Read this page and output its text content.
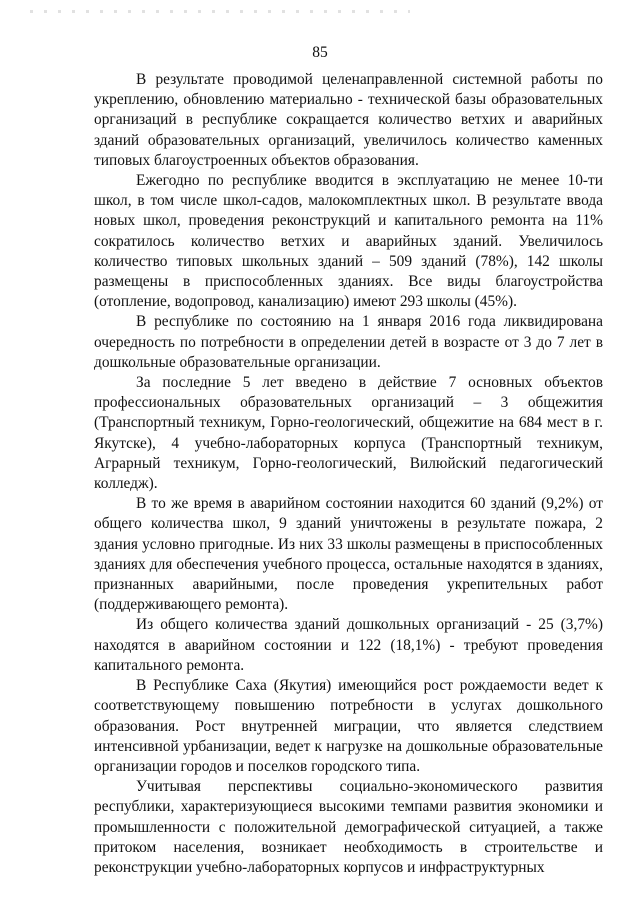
85

В результате проводимой целенаправленной системной работы по укреплению, обновлению материально - технической базы образовательных организаций в республике сокращается количество ветхих и аварийных зданий образовательных организаций, увеличилось количество каменных типовых благоустроенных объектов образования.

Ежегодно по республике вводится в эксплуатацию не менее 10-ти школ, в том числе школ-садов, малокомплектных школ. В результате ввода новых школ, проведения реконструкций и капитального ремонта на 11% сократилось количество ветхих и аварийных зданий. Увеличилось количество типовых школьных зданий – 509 зданий (78%), 142 школы размещены в приспособленных зданиях. Все виды благоустройства (отопление, водопровод, канализацию) имеют 293 школы (45%).

В республике по состоянию на 1 января 2016 года ликвидирована очередность по потребности в определении детей в возрасте от 3 до 7 лет в дошкольные образовательные организации.

За последние 5 лет введено в действие 7 основных объектов профессиональных образовательных организаций – 3 общежития (Транспортный техникум, Горно-геологический, общежитие на 684 мест в г. Якутске), 4 учебно-лабораторных корпуса (Транспортный техникум, Аграрный техникум, Горно-геологический, Вилюйский педагогический колледж).

В то же время в аварийном состоянии находится 60 зданий (9,2%) от общего количества школ, 9 зданий уничтожены в результате пожара, 2 здания условно пригодные. Из них 33 школы размещены в приспособленных зданиях для обеспечения учебного процесса, остальные находятся в зданиях, признанных аварийными, после проведения укрепительных работ (поддерживающего ремонта).

Из общего количества зданий дошкольных организаций - 25 (3,7%) находятся в аварийном состоянии и 122 (18,1%) - требуют проведения капитального ремонта.

В Республике Саха (Якутия) имеющийся рост рождаемости ведет к соответствующему повышению потребности в услугах дошкольного образования. Рост внутренней миграции, что является следствием интенсивной урбанизации, ведет к нагрузке на дошкольные образовательные организации городов и поселков городского типа.

Учитывая перспективы социально-экономического развития республики, характеризующиеся высокими темпами развития экономики и промышленности с положительной демографической ситуацией, а также притоком населения, возникает необходимость в строительстве и реконструкции учебно-лабораторных корпусов и инфраструктурных
